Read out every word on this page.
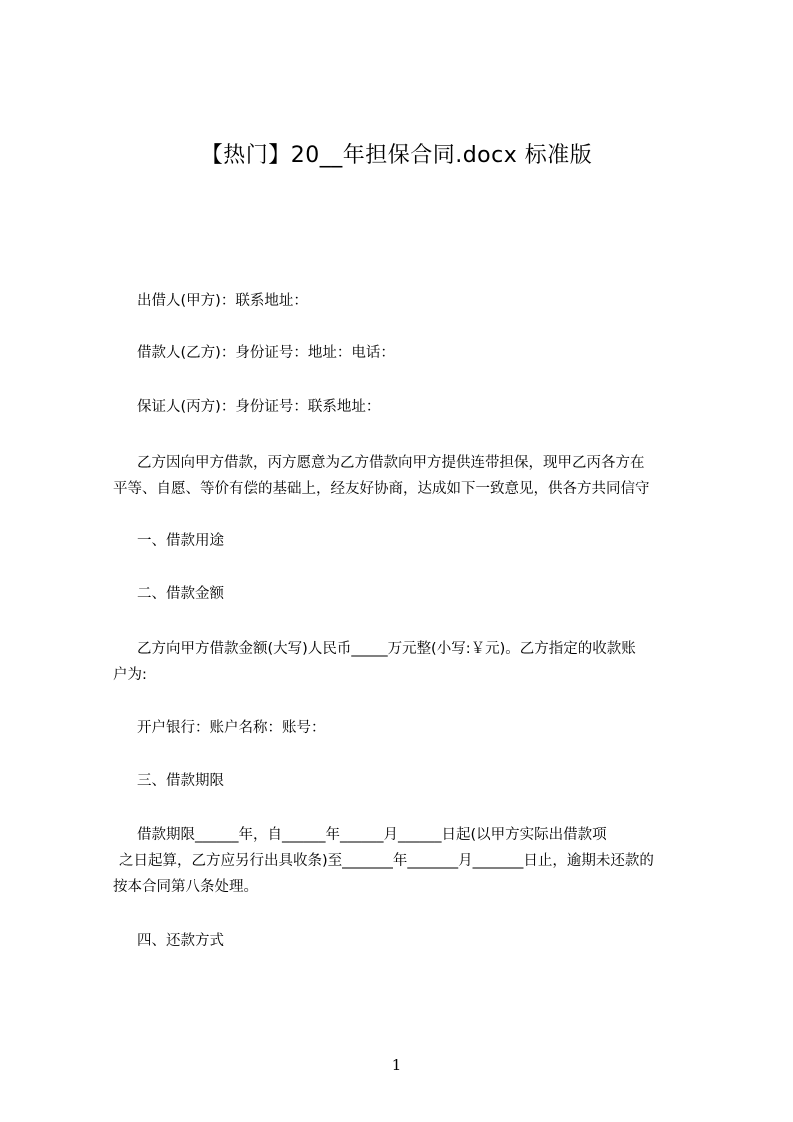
【热门】20__年担保合同.docx 标准版
出借人(甲方)：联系地址：
借款人(乙方)：身份证号：地址：电话：
保证人(丙方)：身份证号：联系地址：
乙方因向甲方借款，丙方愿意为乙方借款向甲方提供连带担保，现甲乙丙各方在
平等、自愿、等价有偿的基础上，经友好协商，达成如下一致意见，供各方共同信守
一、借款用途
二、借款金额
乙方向甲方借款金额(大写)人民币_____万元整(小写:￥元)。乙方指定的收款账
户为:
开户银行：账户名称：账号：
三、借款期限
借款期限______年，自______年______月______日起(以甲方实际出借款项
之日起算，乙方应另行出具收条)至_______年_______月_______日止，逾期未还款的
按本合同第八条处理。
四、还款方式
1
